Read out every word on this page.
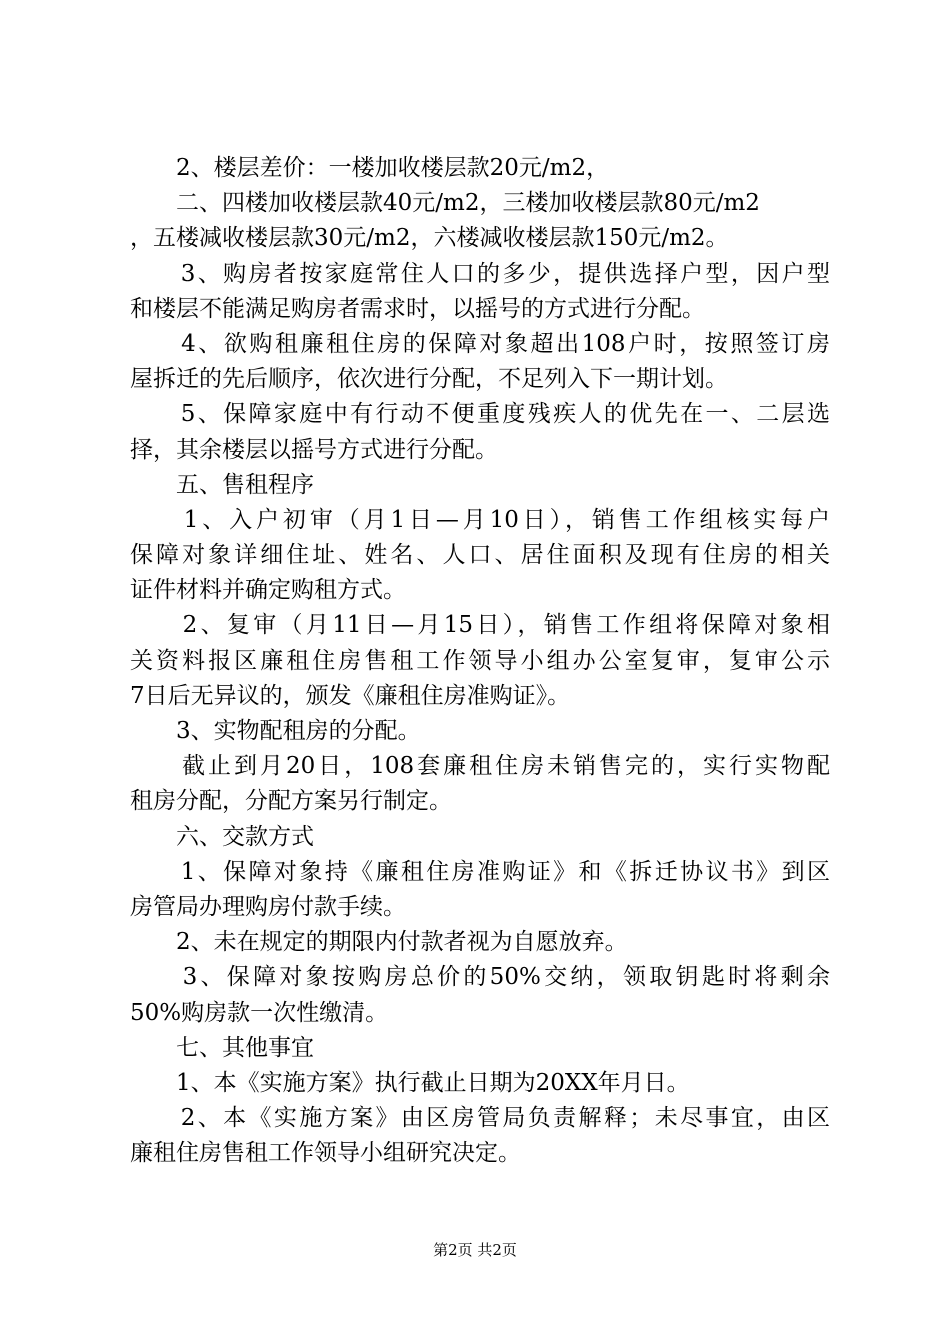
　　2、楼层差价：一楼加收楼层款20元/m2，
　　二、四楼加收楼层款40元/m2，三楼加收楼层款80元/m2
，五楼减收楼层款30元/m2，六楼减收楼层款150元/m2。
　　3、购房者按家庭常住人口的多少，提供选择户型，因户型
和楼层不能满足购房者需求时，以摇号的方式进行分配。
　　4、欲购租廉租住房的保障对象超出108户时，按照签订房
屋拆迁的先后顺序，依次进行分配，不足列入下一期计划。
　　5、保障家庭中有行动不便重度残疾人的优先在一、二层选
择，其余楼层以摇号方式进行分配。
　　五、售租程序
　　1、入户初审（月1日—月10日），销售工作组核实每户
保障对象详细住址、姓名、人口、居住面积及现有住房的相关
证件材料并确定购租方式。
　　2、复审（月11日—月15日），销售工作组将保障对象相
关资料报区廉租住房售租工作领导小组办公室复审，复审公示
7日后无异议的，颁发《廉租住房准购证》。
　　3、实物配租房的分配。
　　截止到月20日，108套廉租住房未销售完的，实行实物配
租房分配，分配方案另行制定。
　　六、交款方式
　　1、保障对象持《廉租住房准购证》和《拆迁协议书》到区
房管局办理购房付款手续。
　　2、未在规定的期限内付款者视为自愿放弃。
　　3、保障对象按购房总价的50%交纳，领取钥匙时将剩余
50%购房款一次性缴清。
　　七、其他事宜
　　1、本《实施方案》执行截止日期为20XX年月日。
　　2、本《实施方案》由区房管局负责解释；未尽事宜，由区
廉租住房售租工作领导小组研究决定。
第2页 共2页
